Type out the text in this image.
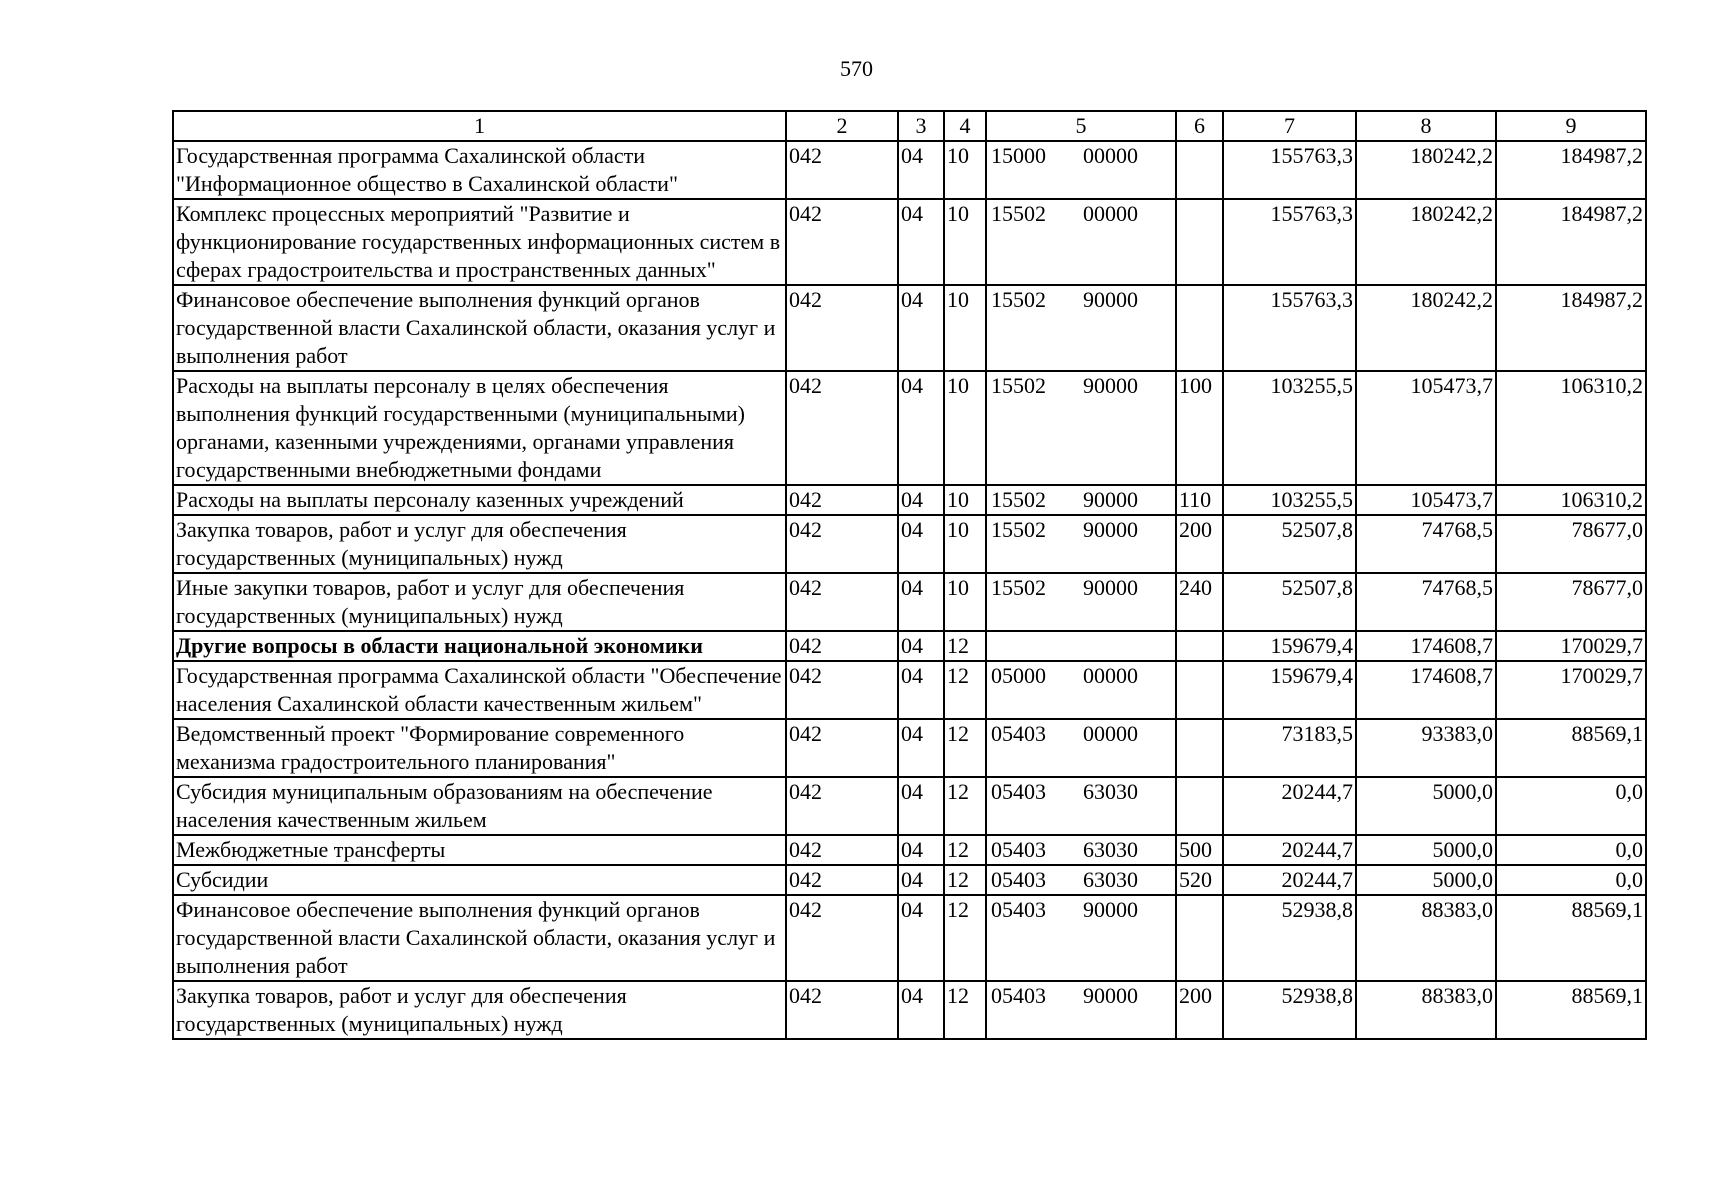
570
1	2	3	4	5	6	7	8	9
Государственная программа Сахалинской области "Информационное общество в Сахалинской области"	042	04	10	15000 00000		155763,3	180242,2	184987,2
Комплекс процессных мероприятий "Развитие и функционирование государственных информационных систем в сферах градостроительства и пространственных данных"	042	04	10	15502 00000		155763,3	180242,2	184987,2
Финансовое обеспечение выполнения функций органов государственной власти Сахалинской области, оказания услуг и выполнения работ	042	04	10	15502 90000		155763,3	180242,2	184987,2
Расходы на выплаты персоналу в целях обеспечения выполнения функций государственными (муниципальными) органами, казенными учреждениями, органами управления государственными внебюджетными фондами	042	04	10	15502 90000	100	103255,5	105473,7	106310,2
Расходы на выплаты персоналу казенных учреждений	042	04	10	15502 90000	110	103255,5	105473,7	106310,2
Закупка товаров, работ и услуг для обеспечения государственных (муниципальных) нужд	042	04	10	15502 90000	200	52507,8	74768,5	78677,0
Иные закупки товаров, работ и услуг для обеспечения государственных (муниципальных) нужд	042	04	10	15502 90000	240	52507,8	74768,5	78677,0
Другие вопросы в области национальной экономики	042	04	12			159679,4	174608,7	170029,7
Государственная программа Сахалинской области "Обеспечение населения Сахалинской области качественным жильем"	042	04	12	05000 00000		159679,4	174608,7	170029,7
Ведомственный проект "Формирование современного механизма градостроительного планирования"	042	04	12	05403 00000		73183,5	93383,0	88569,1
Субсидия муниципальным образованиям на обеспечение населения качественным жильем	042	04	12	05403 63030		20244,7	5000,0	0,0
Межбюджетные трансферты	042	04	12	05403 63030	500	20244,7	5000,0	0,0
Субсидии	042	04	12	05403 63030	520	20244,7	5000,0	0,0
Финансовое обеспечение выполнения функций органов государственной власти Сахалинской области, оказания услуг и выполнения работ	042	04	12	05403 90000		52938,8	88383,0	88569,1
Закупка товаров, работ и услуг для обеспечения государственных (муниципальных) нужд	042	04	12	05403 90000	200	52938,8	88383,0	88569,1
